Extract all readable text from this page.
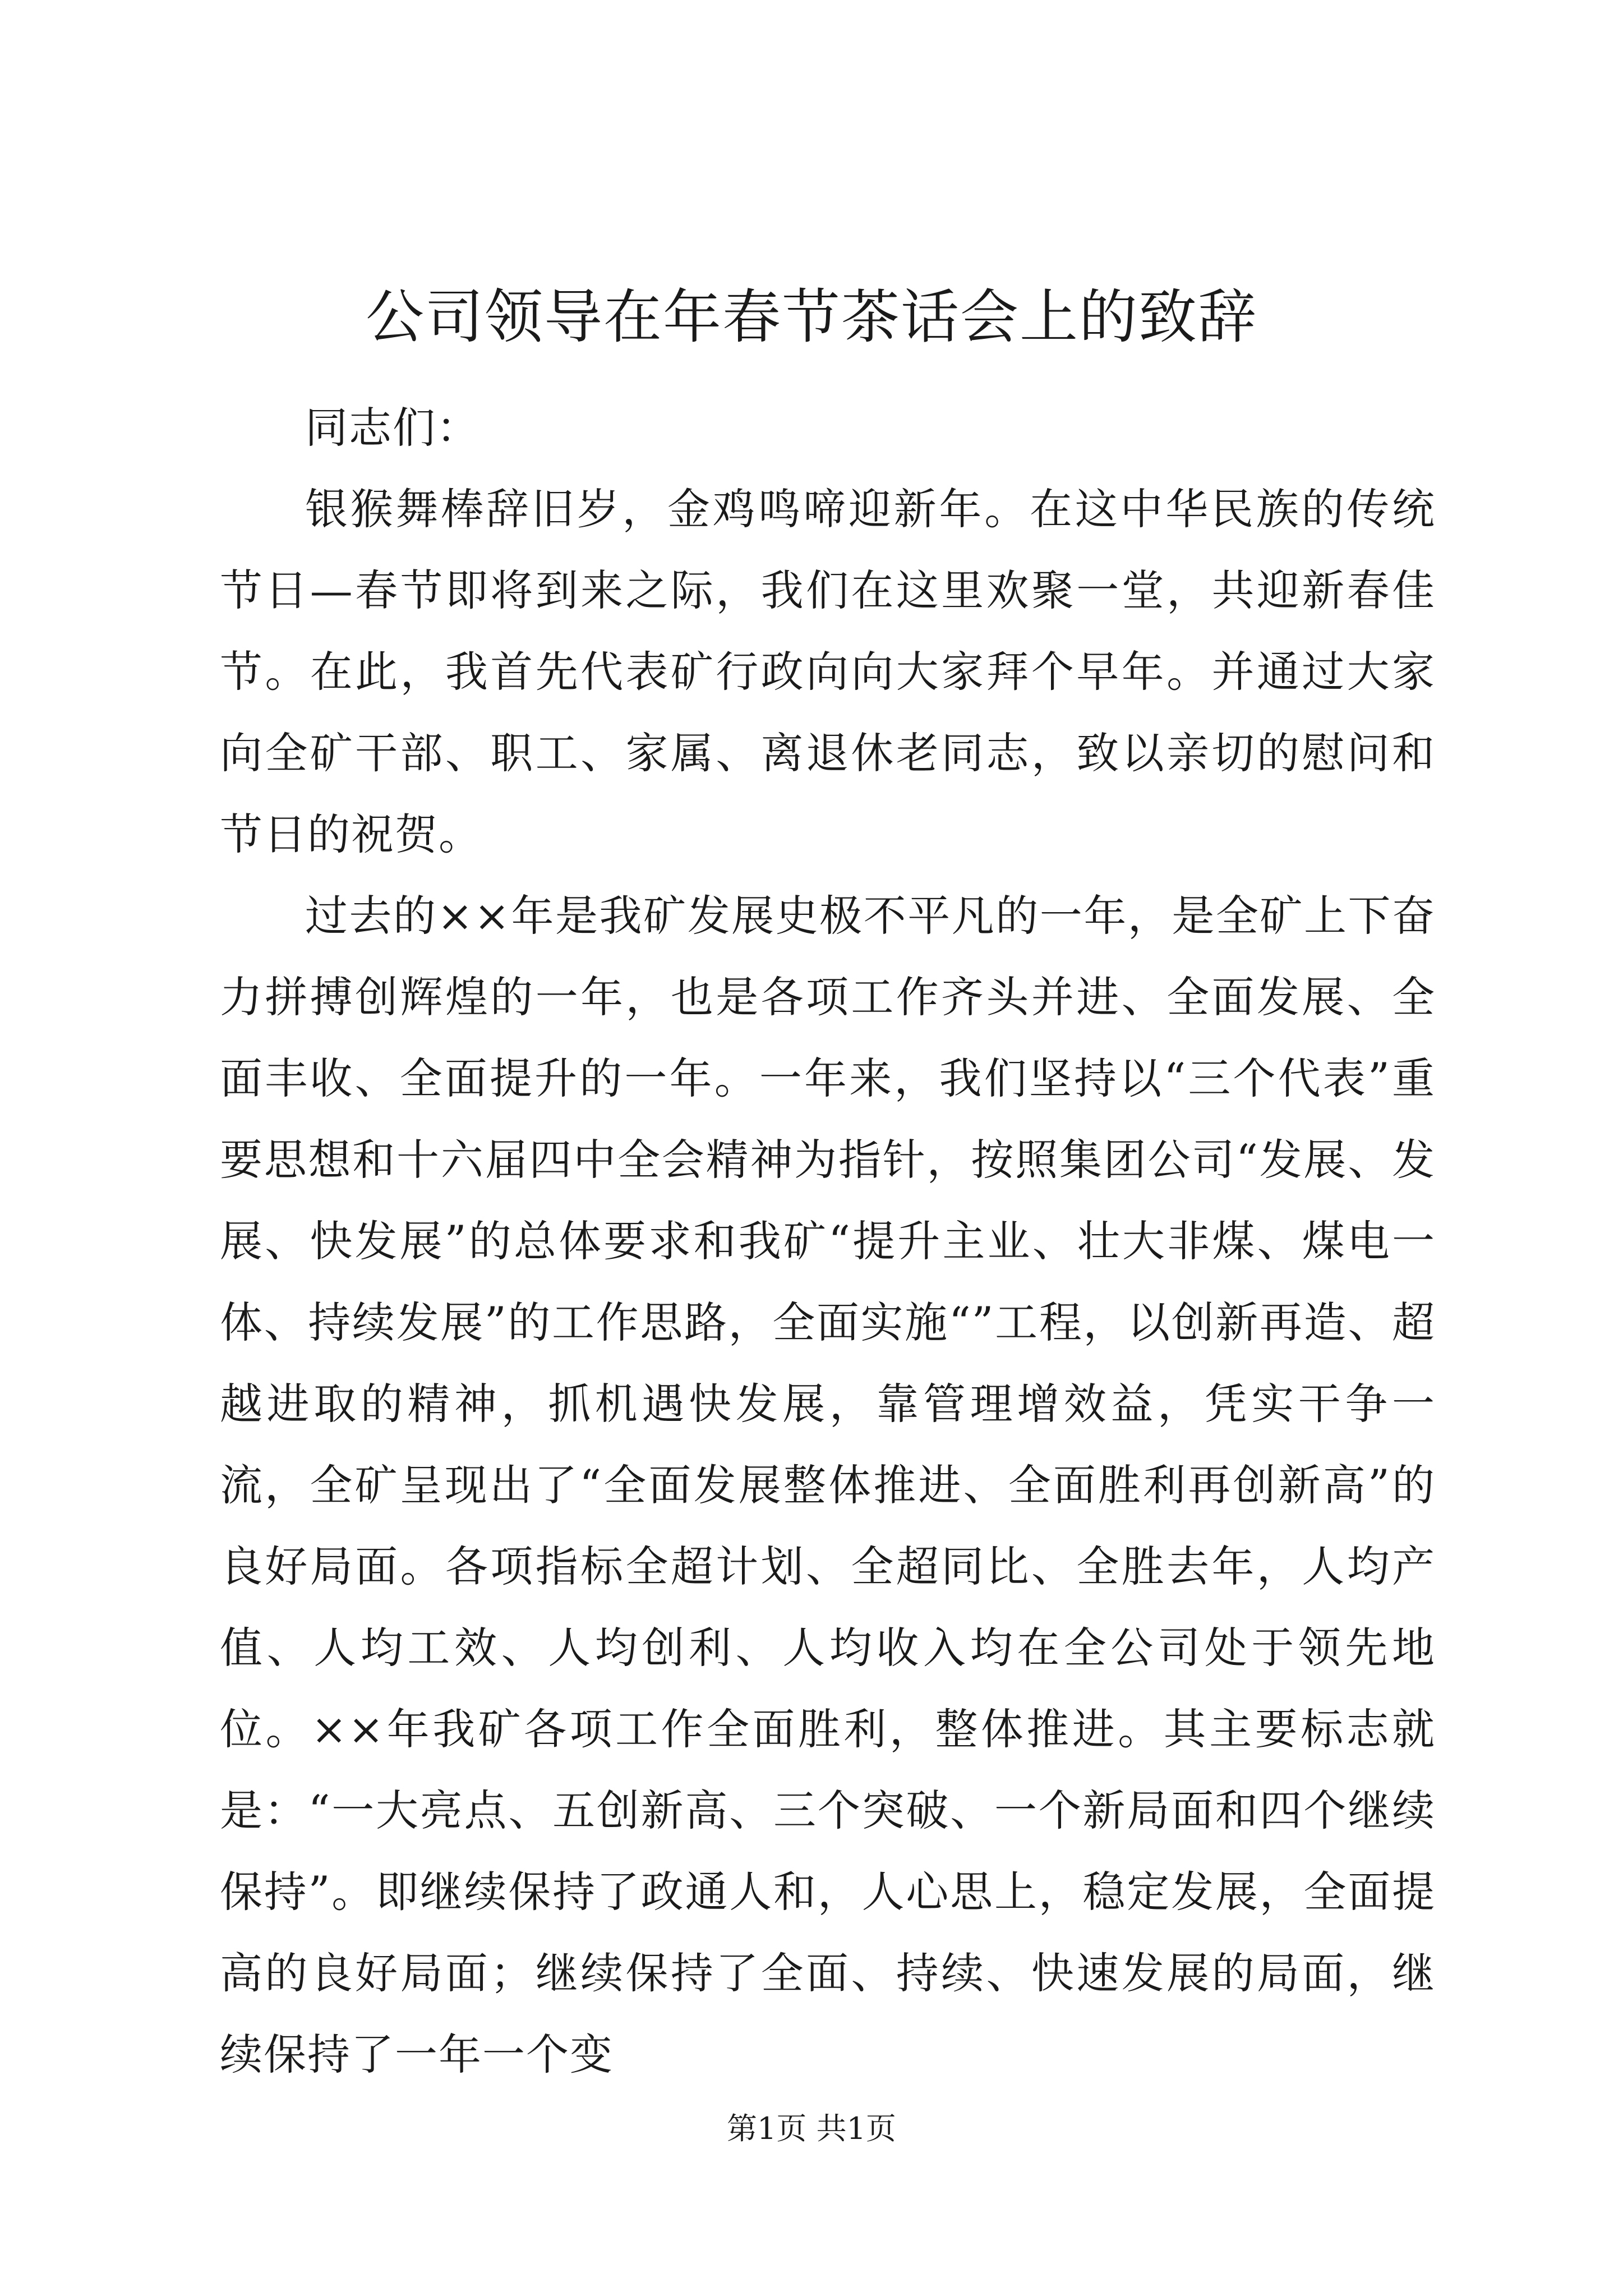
公司领导在年春节茶话会上的致辞

同志们：

银猴舞棒辞旧岁，金鸡鸣啼迎新年。在这中华民族的传统节日—春节即将到来之际，我们在这里欢聚一堂，共迎新春佳节。在此，我首先代表矿行政向向大家拜个早年。并通过大家向全矿干部、职工、家属、离退休老同志，致以亲切的慰问和节日的祝贺。

过去的××年是我矿发展史极不平凡的一年，是全矿上下奋力拼搏创辉煌的一年，也是各项工作齐头并进、全面发展、全面丰收、全面提升的一年。一年来，我们坚持以“三个代表”重要思想和十六届四中全会精神为指针，按照集团公司“发展、发展、快发展”的总体要求和我矿“提升主业、壮大非煤、煤电一体、持续发展”的工作思路，全面实施“”工程，以创新再造、超越进取的精神，抓机遇快发展，靠管理增效益，凭实干争一流，全矿呈现出了“全面发展整体推进、全面胜利再创新高”的良好局面。各项指标全超计划、全超同比、全胜去年，人均产值、人均工效、人均创利、人均收入均在全公司处于领先地位。××年我矿各项工作全面胜利，整体推进。其主要标志就是：“一大亮点、五创新高、三个突破、一个新局面和四个继续保持”。即继续保持了政通人和，人心思上，稳定发展，全面提高的良好局面；继续保持了全面、持续、快速发展的局面，继续保持了一年一个变

第1页 共1页
